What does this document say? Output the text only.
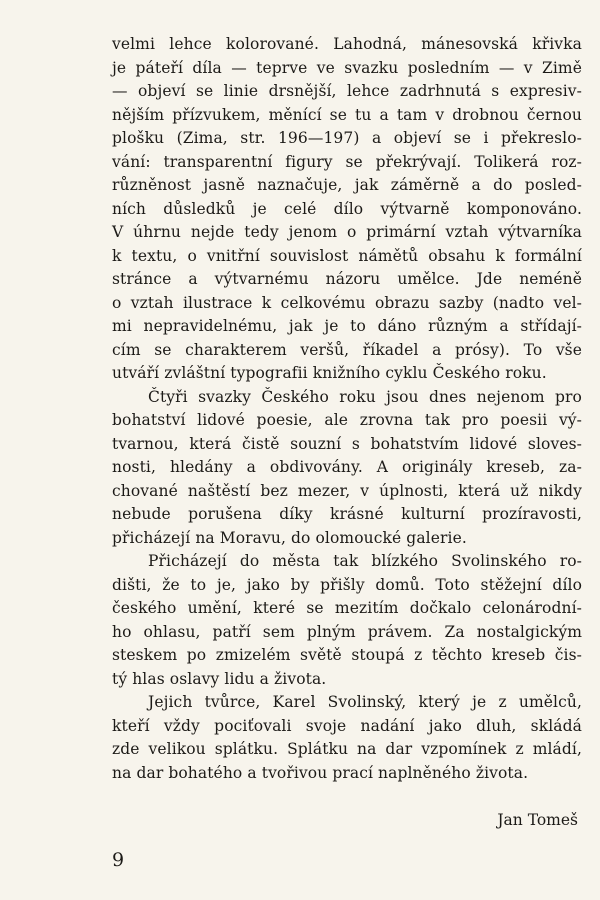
velmi lehce kolorované. Lahodná, mánesovská křivka
je páteří díla — teprve ve svazku posledním — v Zimě
— objeví se linie drsnější, lehce zadrhnutá s expresiv-
nějším přízvukem, měnící se tu a tam v drobnou černou
plošku (Zima, str. 196—197) a objeví se i překreslo-
vání: transparentní figury se překrývají. Tolikerá roz-
různěnost jasně naznačuje, jak záměrně a do posled-
ních důsledků je celé dílo výtvarně komponováno.
V úhrnu nejde tedy jenom o primární vztah výtvarníka
k textu, o vnitřní souvislost námětů obsahu k formální
stránce a výtvarnému názoru umělce. Jde neméně
o vztah ilustrace k celkovému obrazu sazby (nadto vel-
mi nepravidelnému, jak je to dáno různým a střídají-
cím se charakterem veršů, říkadel a prósy). To vše
utváří zvláštní typografii knižního cyklu Českého roku.
Čtyři svazky Českého roku jsou dnes nejenom pro
bohatství lidové poesie, ale zrovna tak pro poesii vý-
tvarnou, která čistě souzní s bohatstvím lidové sloves-
nosti, hledány a obdivovány. A originály kreseb, za-
chované naštěstí bez mezer, v úplnosti, která už nikdy
nebude porušena díky krásné kulturní prozíravosti,
přicházejí na Moravu, do olomoucké galerie.
Přicházejí do města tak blízkého Svolinského ro-
dišti, že to je, jako by přišly domů. Toto stěžejní dílo
českého umění, které se mezitím dočkalo celonárodní-
ho ohlasu, patří sem plným právem. Za nostalgickým
steskem po zmizelém světě stoupá z těchto kreseb čis-
tý hlas oslavy lidu a života.
Jejich tvůrce, Karel Svolinský, který je z umělců,
kteří vždy pociťovali svoje nadání jako dluh, skládá
zde velikou splátku. Splátku na dar vzpomínek z mládí,
na dar bohatého a tvořivou prací naplněného života.
Jan Tomeš
9
